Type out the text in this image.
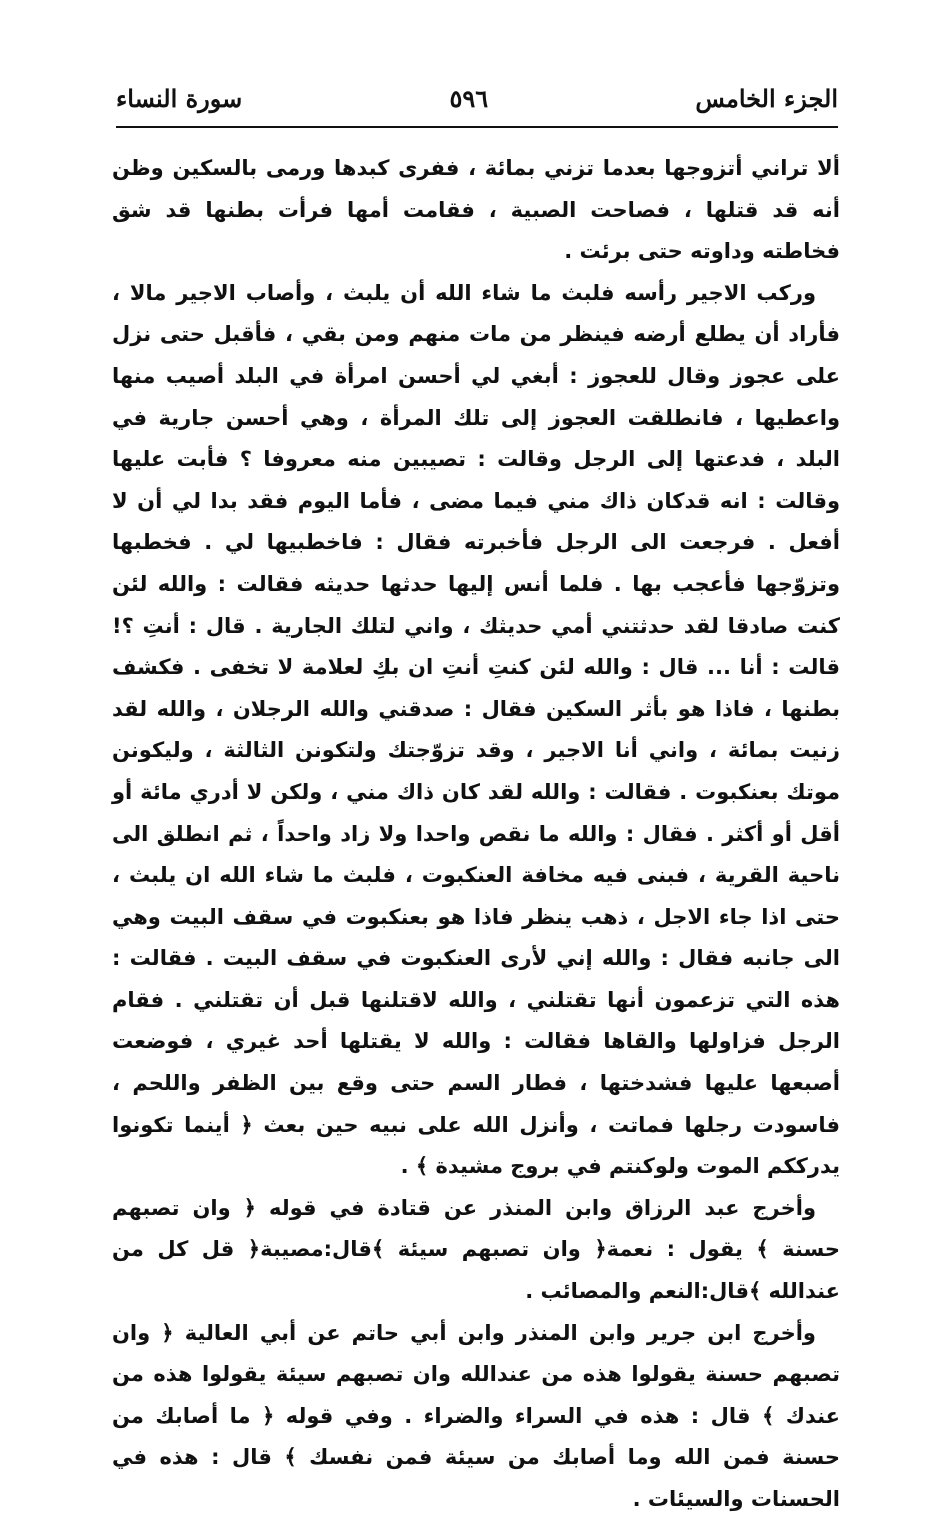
الجزء الخامس
٥٩٦
سورة النساء

ألا تراني أتزوجها بعدما تزني بمائة ، ففرى كبدها ورمى بالسكين وظن أنه قد قتلها ، فصاحت الصبية ، فقامت أمها فرأت بطنها قد شق فخاطته وداوته حتى برئت .

وركب الاجير رأسه فلبث ما شاء الله أن يلبث ، وأصاب الاجير مالا ، فأراد أن يطلع أرضه فينظر من مات منهم ومن بقي ، فأقبل حتى نزل على عجوز وقال للعجوز : أبغي لي أحسن امرأة في البلد أصيب منها واعطيها ، فانطلقت العجوز إلى تلك المرأة ، وهي أحسن جارية في البلد ، فدعتها إلى الرجل وقالت : تصيبين منه معروفا ؟ فأبت عليها وقالت : انه قدكان ذاك مني فيما مضى ، فأما اليوم فقد بدا لي أن لا أفعل . فرجعت الى الرجل فأخبرته فقال : فاخطبيها لي . فخطبها وتزوّجها فأعجب بها . فلما أنس إليها حدثها حديثه فقالت : والله لئن كنت صادقا لقد حدثتني أمي حديثك ، واني لتلك الجارية . قال : أنتِ ؟! قالت : أنا ... قال : والله لئن كنتِ أنتِ ان بكِ لعلامة لا تخفى . فكشف بطنها ، فاذا هو بأثر السكين فقال : صدقني والله الرجلان ، والله لقد زنيت بمائة ، واني أنا الاجير ، وقد تزوّجتك ولتكونن الثالثة ، وليكونن موتك بعنكبوت . فقالت : والله لقد كان ذاك مني ، ولكن لا أدري مائة أو أقل أو أكثر . فقال : والله ما نقص واحدا ولا زاد واحداً ، ثم انطلق الى ناحية القرية ، فبنى فيه مخافة العنكبوت ، فلبث ما شاء الله ان يلبث ، حتى اذا جاء الاجل ، ذهب ينظر فاذا هو بعنكبوت في سقف البيت وهي الى جانبه فقال : والله إني لأرى العنكبوت في سقف البيت . فقالت : هذه التي تزعمون أنها تقتلني ، والله لاقتلنها قبل أن تقتلني . فقام الرجل فزاولها والقاها فقالت : والله لا يقتلها أحد غيري ، فوضعت أصبعها عليها فشدختها ، فطار السم حتى وقع بين الظفر واللحم ، فاسودت رجلها فماتت ، وأنزل الله على نبيه حين بعث ﴿ أينما تكونوا يدرككم الموت ولوكنتم في بروج مشيدة ﴾ .

وأخرج عبد الرزاق وابن المنذر عن قتادة في قوله ﴿ وان تصبهم حسنة ﴾ يقول : نعمة﴿ وان تصبهم سيئة ﴾قال:مصيبة﴿ قل كل من عندالله ﴾قال:النعم والمصائب .

وأخرج ابن جرير وابن المنذر وابن أبي حاتم عن أبي العالية ﴿ وان تصبهم حسنة يقولوا هذه من عندالله وان تصبهم سيئة يقولوا هذه من عندك ﴾ قال : هذه في السراء والضراء . وفي قوله ﴿ ما أصابك من حسنة فمن الله وما أصابك من سيئة فمن نفسك ﴾ قال : هذه في الحسنات والسيئات .
